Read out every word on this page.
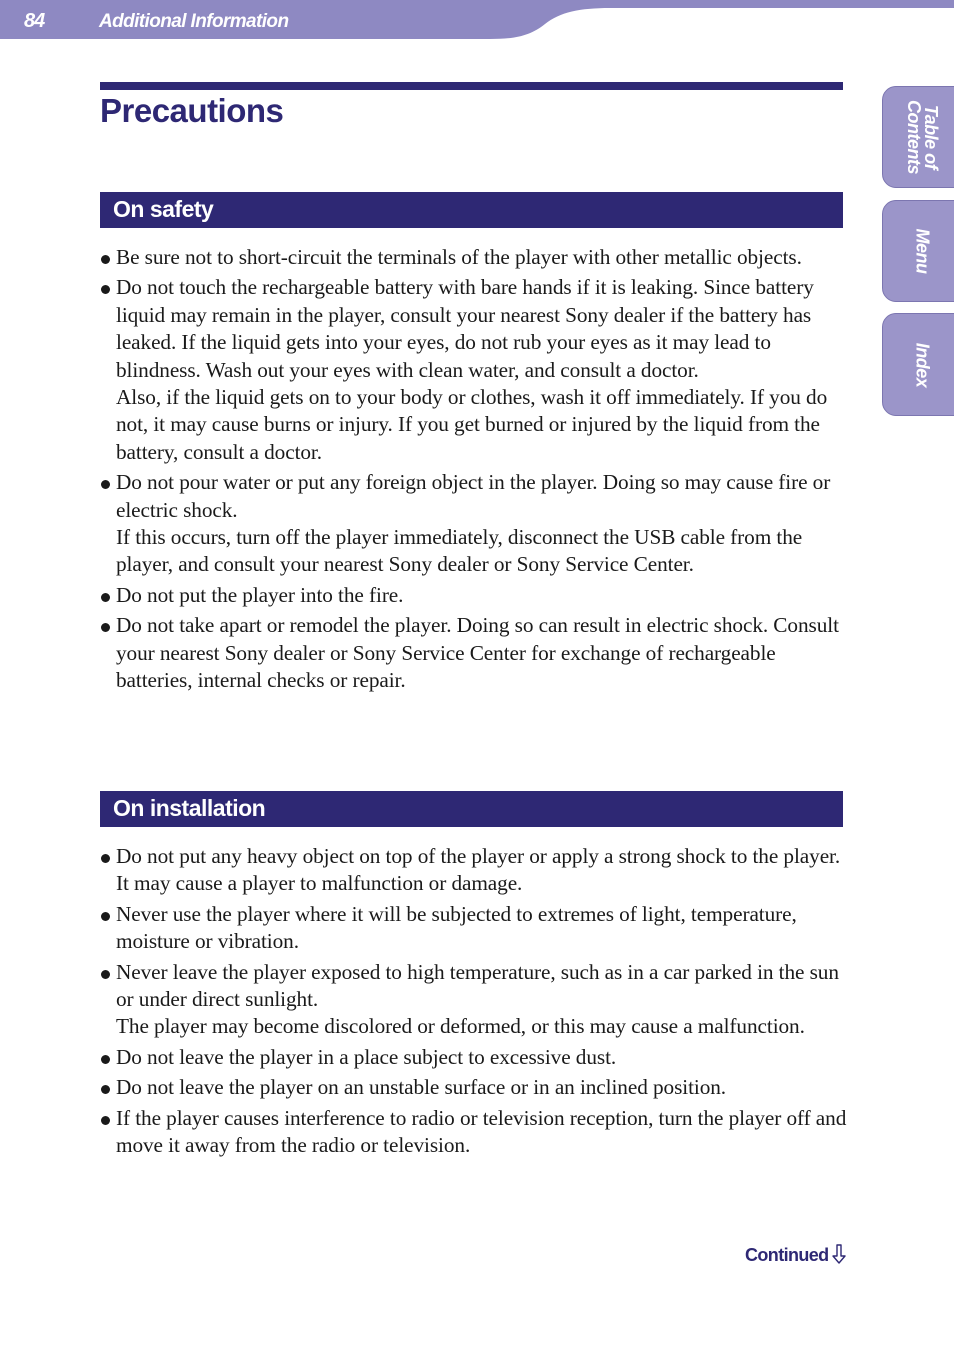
84	Additional Information
Table of Contents
Menu
Index
Precautions
On safety

Be sure not to short-circuit the terminals of the player with other metallic objects.

Do not touch the rechargeable battery with bare hands if it is leaking. Since battery liquid may remain in the player, consult your nearest Sony dealer if the battery has leaked. If the liquid gets into your eyes, do not rub your eyes as it may lead to blindness. Wash out your eyes with clean water, and consult a doctor.

Also, if the liquid gets on to your body or clothes, wash it off immediately. If you do not, it may cause burns or injury. If you get burned or injured by the liquid from the battery, consult a doctor.

Do not pour water or put any foreign object in the player. Doing so may cause fire or electric shock.

If this occurs, turn off the player immediately, disconnect the USB cable from the player, and consult your nearest Sony dealer or Sony Service Center.

Do not put the player into the fire.

Do not take apart or remodel the player. Doing so can result in electric shock. Consult your nearest Sony dealer or Sony Service Center for exchange of rechargeable batteries, internal checks or repair.

On installation

Do not put any heavy object on top of the player or apply a strong shock to the player. It may cause a player to malfunction or damage.

Never use the player where it will be subjected to extremes of light, temperature, moisture or vibration.

Never leave the player exposed to high temperature, such as in a car parked in the sun or under direct sunlight.

The player may become discolored or deformed, or this may cause a malfunction.

Do not leave the player in a place subject to excessive dust.

Do not leave the player on an unstable surface or in an inclined position.

If the player causes interference to radio or television reception, turn the player off and move it away from the radio or television.

Continued
